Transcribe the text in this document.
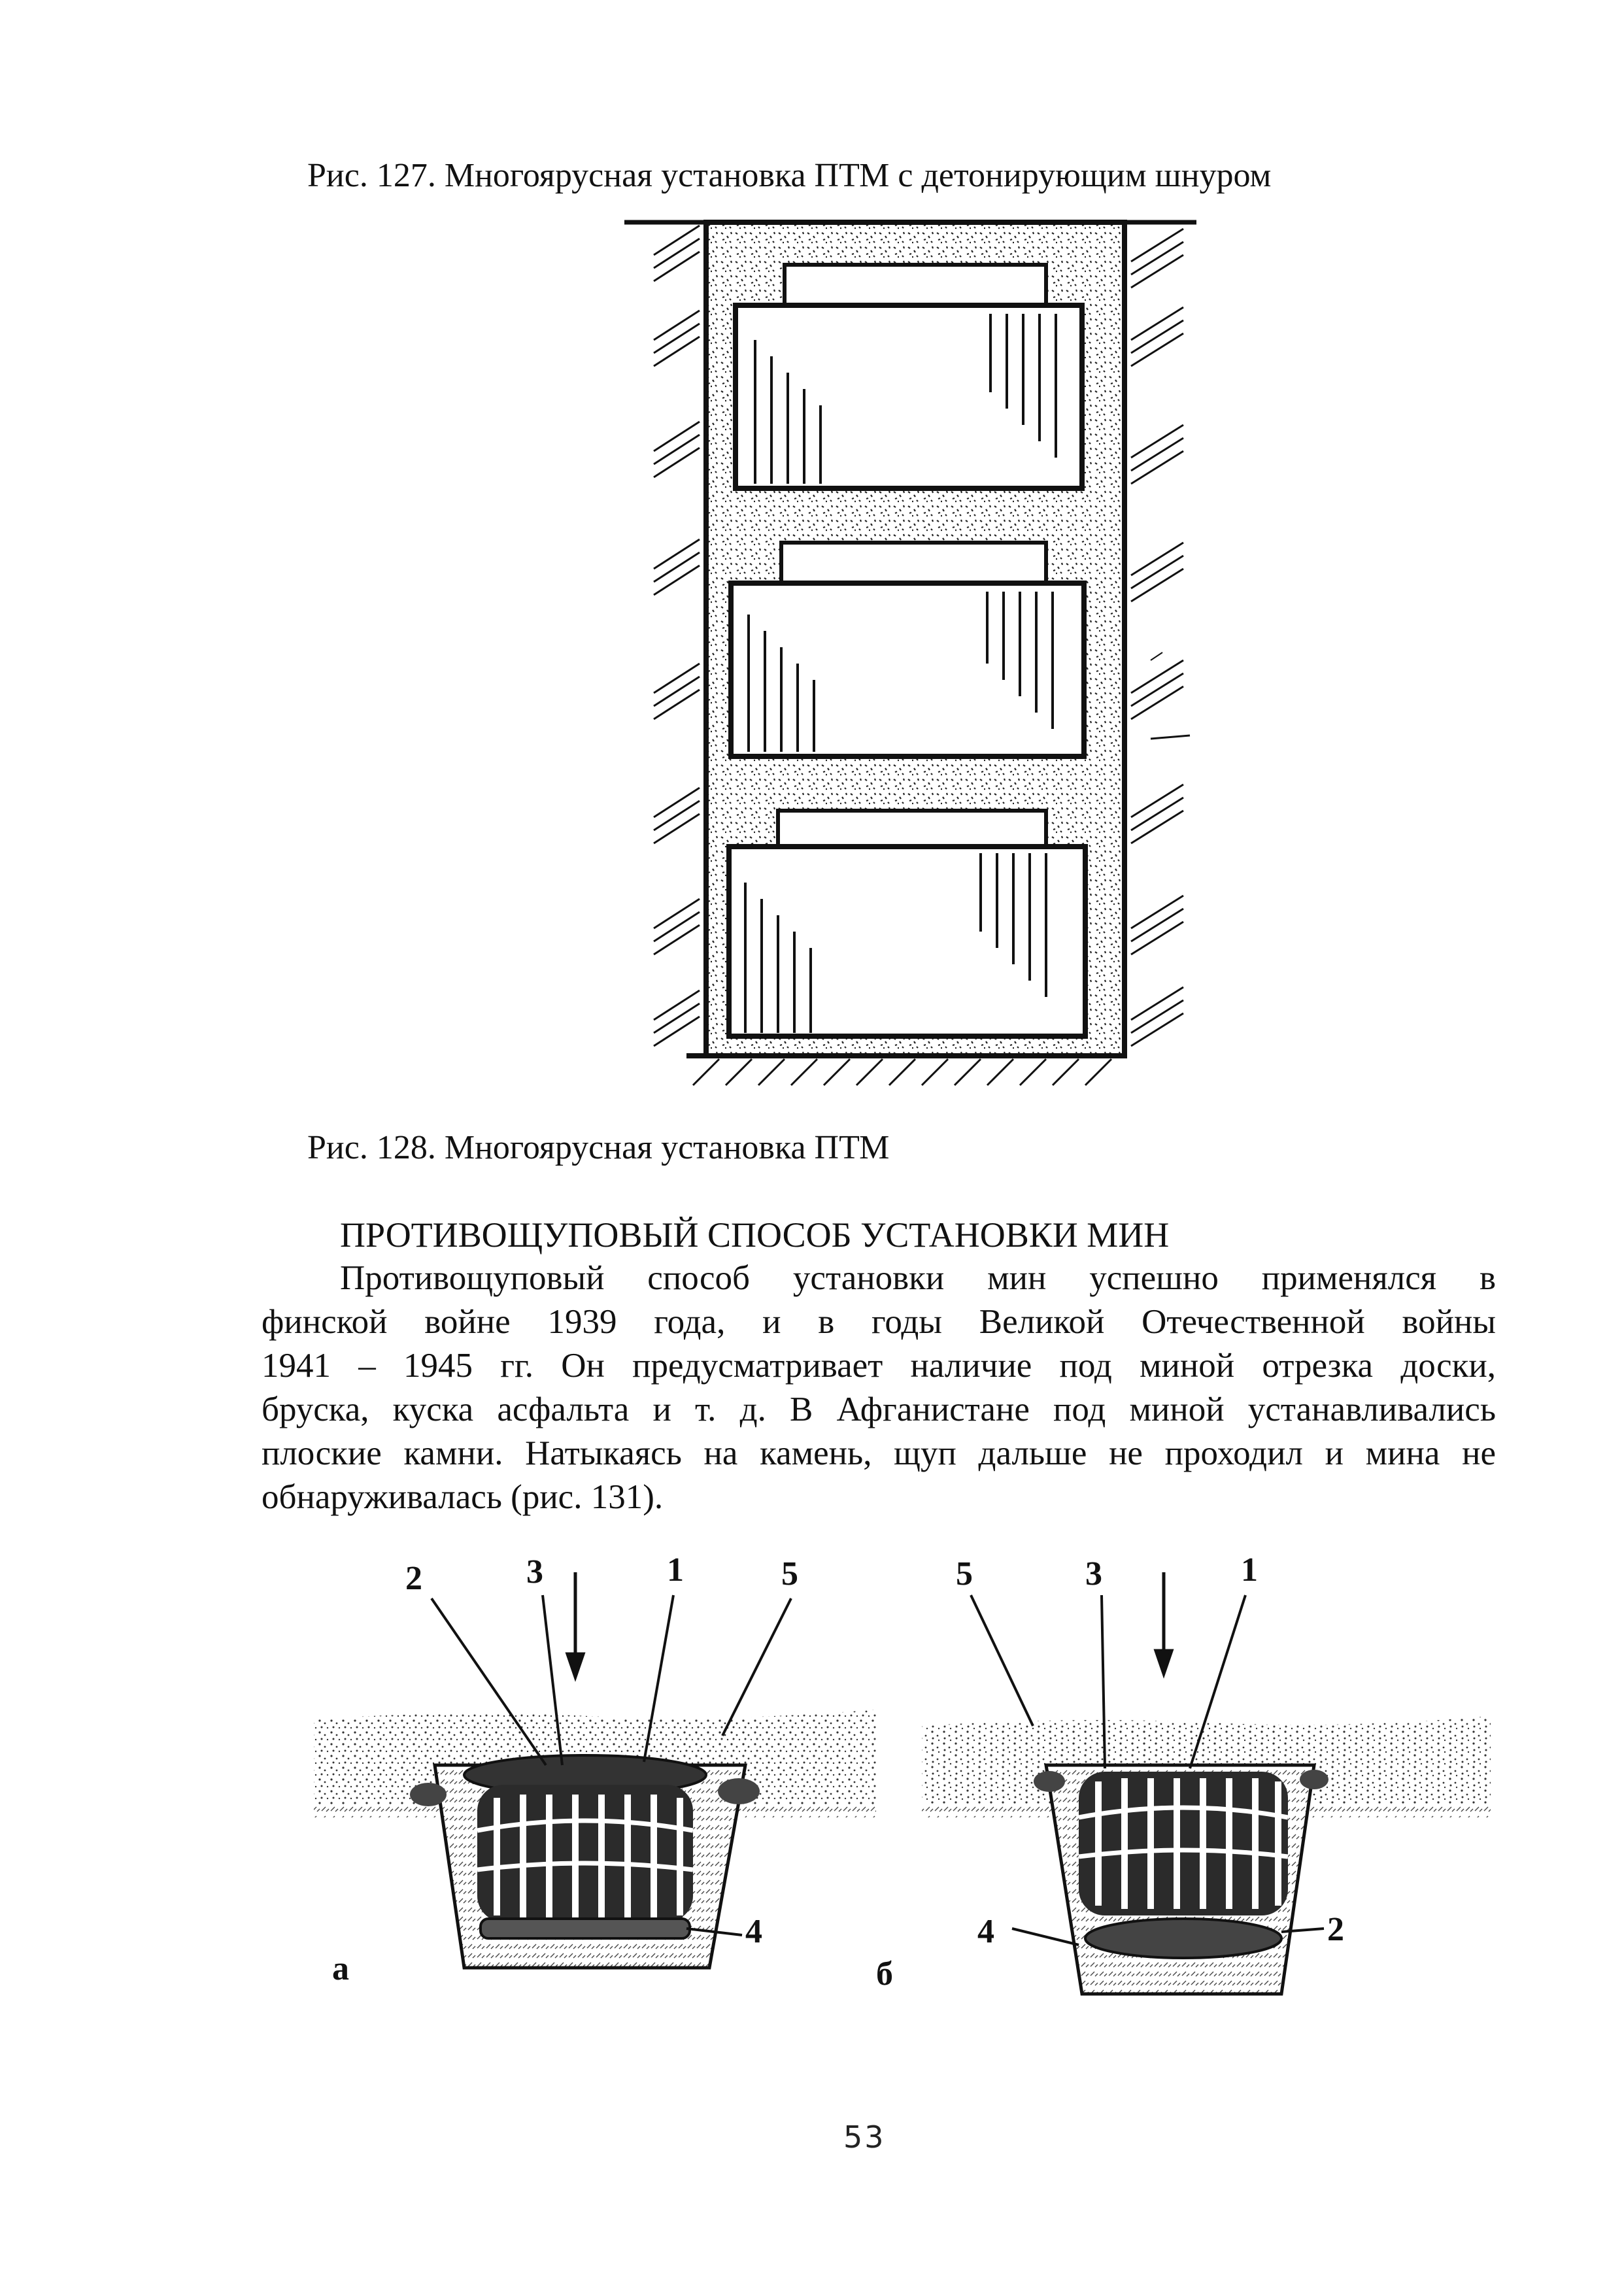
Рис. 127. Многоярусная установка ПТМ с детонирующим шнуром
Рис. 128. Многоярусная установка ПТМ
ПРОТИВОЩУПОВЫЙ СПОСОБ УСТАНОВКИ МИН
Противощуповый способ установки мин успешно применялся в
финской войне 1939 года, и в годы Великой Отечественной войны
1941 – 1945 гг. Он предусматривает наличие под миной отрезка доски,
бруска, куска асфальта и т. д. В Афганистане под миной устанавливались
плоские камни. Натыкаясь на камень, щуп дальше не проходил и мина не
обнаруживалась (рис. 131).
2	3	1	5
4
а
5	3	1
4	2
б
53
